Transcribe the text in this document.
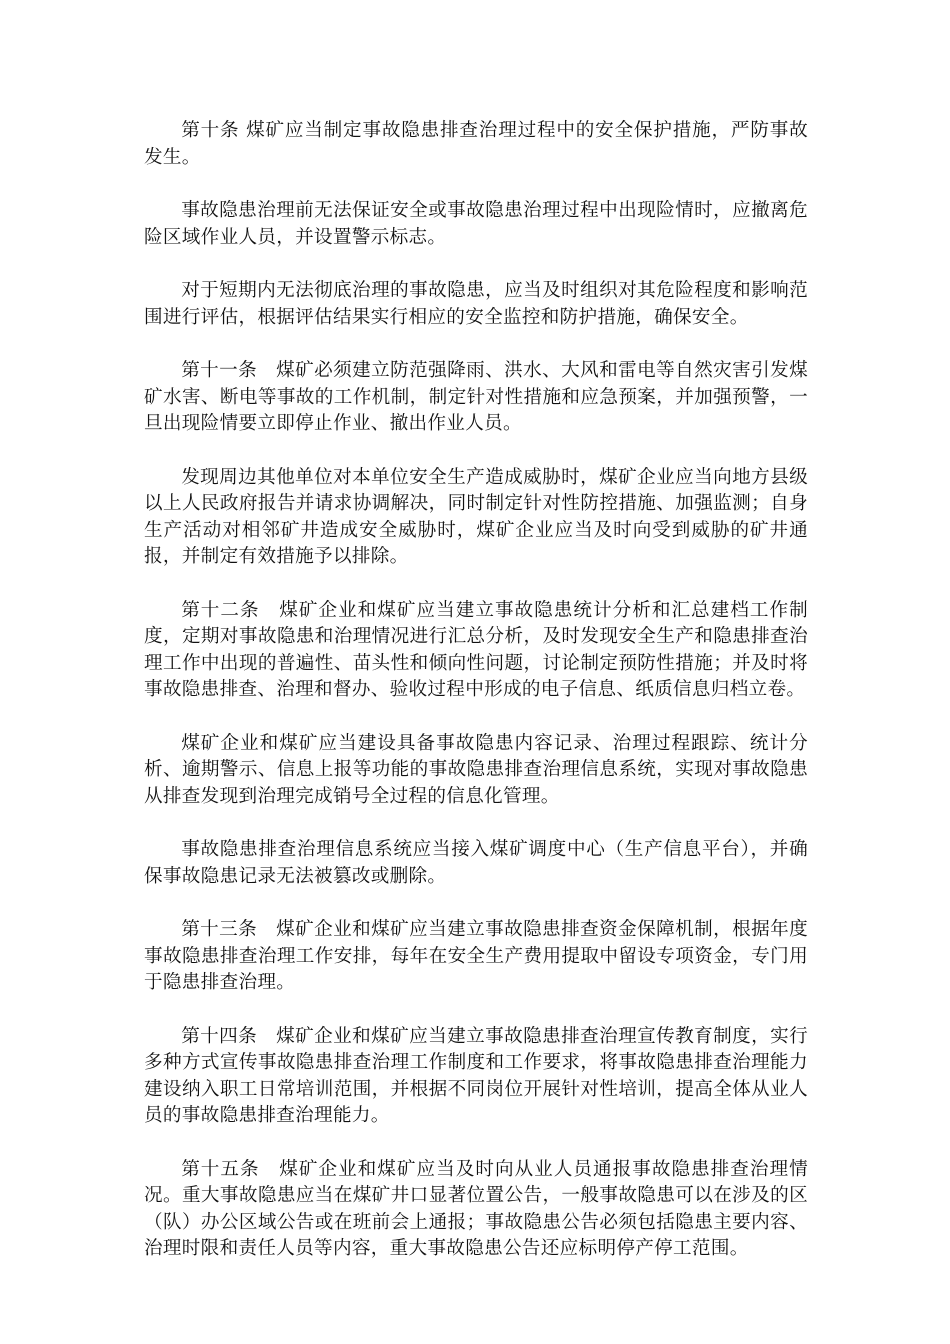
第十条 煤矿应当制定事故隐患排查治理过程中的安全保护措施，严防事故发生。

事故隐患治理前无法保证安全或事故隐患治理过程中出现险情时，应撤离危险区域作业人员，并设置警示标志。

对于短期内无法彻底治理的事故隐患，应当及时组织对其危险程度和影响范围进行评估，根据评估结果实行相应的安全监控和防护措施，确保安全。

第十一条　煤矿必须建立防范强降雨、洪水、大风和雷电等自然灾害引发煤矿水害、断电等事故的工作机制，制定针对性措施和应急预案，并加强预警，一旦出现险情要立即停止作业、撤出作业人员。

发现周边其他单位对本单位安全生产造成威胁时，煤矿企业应当向地方县级以上人民政府报告并请求协调解决，同时制定针对性防控措施、加强监测；自身生产活动对相邻矿井造成安全威胁时，煤矿企业应当及时向受到威胁的矿井通报，并制定有效措施予以排除。

第十二条　煤矿企业和煤矿应当建立事故隐患统计分析和汇总建档工作制度，定期对事故隐患和治理情况进行汇总分析，及时发现安全生产和隐患排查治理工作中出现的普遍性、苗头性和倾向性问题，讨论制定预防性措施；并及时将事故隐患排查、治理和督办、验收过程中形成的电子信息、纸质信息归档立卷。

煤矿企业和煤矿应当建设具备事故隐患内容记录、治理过程跟踪、统计分析、逾期警示、信息上报等功能的事故隐患排查治理信息系统，实现对事故隐患从排查发现到治理完成销号全过程的信息化管理。

事故隐患排查治理信息系统应当接入煤矿调度中心（生产信息平台），并确保事故隐患记录无法被篡改或删除。

第十三条　煤矿企业和煤矿应当建立事故隐患排查资金保障机制，根据年度事故隐患排查治理工作安排，每年在安全生产费用提取中留设专项资金，专门用于隐患排查治理。

第十四条　煤矿企业和煤矿应当建立事故隐患排查治理宣传教育制度，实行多种方式宣传事故隐患排查治理工作制度和工作要求，将事故隐患排查治理能力建设纳入职工日常培训范围，并根据不同岗位开展针对性培训，提高全体从业人员的事故隐患排查治理能力。

第十五条　煤矿企业和煤矿应当及时向从业人员通报事故隐患排查治理情况。重大事故隐患应当在煤矿井口显著位置公告，一般事故隐患可以在涉及的区（队）办公区域公告或在班前会上通报；事故隐患公告必须包括隐患主要内容、治理时限和责任人员等内容，重大事故隐患公告还应标明停产停工范围。
